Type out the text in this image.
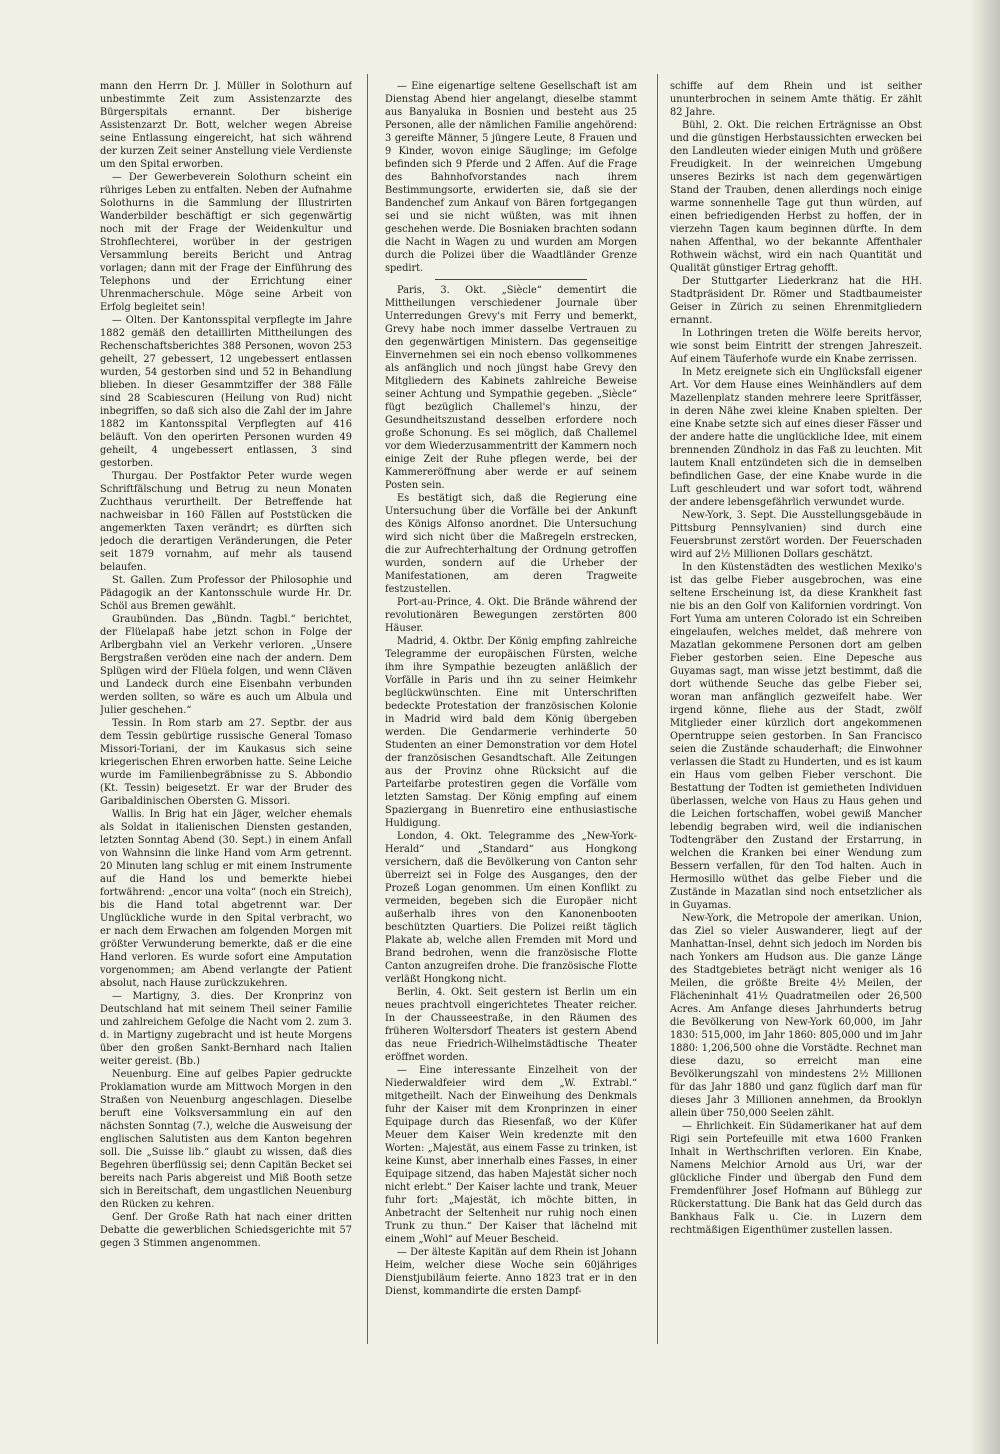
mann den Herrn Dr. J. Müller in Solothurn auf unbestimmte Zeit zum Assistenzarzte des Bürgerspitals ernannt. Der bisherige Assistenzarzt Dr. Bott, welcher wegen Abreise seine Entlassung eingereicht, hat sich während der kurzen Zeit seiner Anstellung viele Verdienste um den Spital erworben.

— Der Gewerbeverein Solothurn scheint ein rühriges Leben zu entfalten. Neben der Aufnahme Solothurns in die Sammlung der Illustrirten Wanderbilder beschäftigt er sich gegenwärtig noch mit der Frage der Weidenkultur und Strohflechterei, worüber in der gestrigen Versammlung bereits Bericht und Antrag vorlagen; dann mit der Frage der Einführung des Telephons und der Errichtung einer Uhrenmacherschule. Möge seine Arbeit von Erfolg begleitet sein!

— Olten. Der Kantonsspital verpflegte im Jahre 1882 gemäß den detaillirten Mittheilungen des Rechenschaftsberichtes 388 Personen, wovon 253 geheilt, 27 gebessert, 12 ungebessert entlassen wurden, 54 gestorben sind und 52 in Behandlung blieben. In dieser Gesammtziffer der 388 Fälle sind 28 Scabiescuren (Heilung von Rud) nicht inbegriffen, so daß sich also die Zahl der im Jahre 1882 im Kantonsspital Verpflegten auf 416 beläuft. Von den operirten Personen wurden 49 geheilt, 4 ungebessert entlassen, 3 sind gestorben.

Thurgau. Der Postfaktor Peter wurde wegen Schriftfälschung und Betrug zu neun Monaten Zuchthaus verurtheilt. Der Betreffende hat nachweisbar in 160 Fällen auf Poststücken die angemerkten Taxen verändrt; es dürften sich jedoch die derartigen Veränderungen, die Peter seit 1879 vornahm, auf mehr als tausend belaufen.

St. Gallen. Zum Professor der Philosophie und Pädagogik an der Kantonsschule wurde Hr. Dr. Schöl aus Bremen gewählt.

Graubünden. Das „Bündn. Tagbl.“ berichtet, der Flüelapaß habe jetzt schon in Folge der Arlbergbahn viel an Verkehr verloren. „Unsere Bergstraßen veröden eine nach der andern. Dem Splügen wird der Flüela folgen, und wenn Cläven und Landeck durch eine Eisenbahn verbunden werden sollten, so wäre es auch um Albula und Julier geschehen.“

Tessin. In Rom starb am 27. Septbr. der aus dem Tessin gebürtige russische General Tomaso Missori-Toriani, der im Kaukasus sich seine kriegerischen Ehren erworben hatte. Seine Leiche wurde im Familienbegräbnisse zu S. Abbondio (Kt. Tessin) beigesetzt. Er war der Bruder des Garibaldinischen Obersten G. Missori.

Wallis. In Brig hat ein Jäger, welcher ehemals als Soldat in italienischen Diensten gestanden, letzten Sonntag Abend (30. Sept.) in einem Anfall von Wahnsinn die linke Hand vom Arm getrennt. 20 Minuten lang schlug er mit einem Instrumente auf die Hand los und bemerkte hiebei fortwährend: „encor una volta“ (noch ein Streich), bis die Hand total abgetrennt war. Der Unglückliche wurde in den Spital verbracht, wo er nach dem Erwachen am folgenden Morgen mit größter Verwunderung bemerkte, daß er die eine Hand verloren. Es wurde sofort eine Amputation vorgenommen; am Abend verlangte der Patient absolut, nach Hause zurückzukehren.

— Martigny, 3. dies. Der Kronprinz von Deutschland hat mit seinem Theil seiner Familie und zahlreichem Gefolge die Nacht vom 2. zum 3. d. in Martigny zugebracht und ist heute Morgens über den großen Sankt-Bernhard nach Italien weiter gereist. (Bb.)

Neuenburg. Eine auf gelbes Papier gedruckte Proklamation wurde am Mittwoch Morgen in den Straßen von Neuenburg angeschlagen. Dieselbe beruft eine Volksversammlung ein auf den nächsten Sonntag (7.), welche die Ausweisung der englischen Salutisten aus dem Kanton begehren soll. Die „Suisse lib.“ glaubt zu wissen, daß dies Begehren überflüssig sei; denn Capitän Becket sei bereits nach Paris abgereist und Miß Booth setze sich in Bereitschaft, dem ungastlichen Neuenburg den Rücken zu kehren.

Genf. Der Große Rath hat nach einer dritten Debatte die gewerblichen Schiedsgerichte mit 57 gegen 3 Stimmen angenommen.

— Eine eigenartige seltene Gesellschaft ist am Dienstag Abend hier angelangt, dieselbe stammt aus Banyaluka in Bosnien und besteht aus 25 Personen, alle der nämlichen Familie angehörend: 3 gereifte Männer, 5 jüngere Leute, 8 Frauen und 9 Kinder, wovon einige Säuglinge; im Gefolge befinden sich 9 Pferde und 2 Affen. Auf die Frage des Bahnhofvorstandes nach ihrem Bestimmungsorte, erwiderten sie, daß sie der Bandenchef zum Ankauf von Bären fortgegangen sei und sie nicht wüßten, was mit ihnen geschehen werde. Die Bosniaken brachten sodann die Nacht in Wagen zu und wurden am Morgen durch die Polizei über die Waadtländer Grenze spedirt.

Paris, 3. Okt. „Siècle“ dementirt die Mittheilungen verschiedener Journale über Unterredungen Grevy's mit Ferry und bemerkt, Grevy habe noch immer dasselbe Vertrauen zu den gegenwärtigen Ministern. Das gegenseitige Einvernehmen sei ein noch ebenso vollkommenes als anfänglich und noch jüngst habe Grevy den Mitgliedern des Kabinets zahlreiche Beweise seiner Achtung und Sympathie gegeben. „Siècle“ fügt bezüglich Challemel's hinzu, der Gesundheitszustand desselben erfordere noch große Schonung. Es sei möglich, daß Challemel vor dem Wiederzusammentritt der Kammern noch einige Zeit der Ruhe pflegen werde, bei der Kammereröffnung aber werde er auf seinem Posten sein.

Es bestätigt sich, daß die Regierung eine Untersuchung über die Vorfälle bei der Ankunft des Königs Alfonso anordnet. Die Untersuchung wird sich nicht über die Maßregeln erstrecken, die zur Aufrechterhaltung der Ordnung getroffen wurden, sondern auf die Urheber der Manifestationen, am deren Tragweite festzustellen.

Port-au-Prince, 4. Okt. Die Brände während der revolutionären Bewegungen zerstörten 800 Häuser.

Madrid, 4. Oktbr. Der König empfing zahlreiche Telegramme der europäischen Fürsten, welche ihm ihre Sympathie bezeugten anläßlich der Vorfälle in Paris und ihn zu seiner Heimkehr beglückwünschten. Eine mit Unterschriften bedeckte Protestation der französischen Kolonie in Madrid wird bald dem König übergeben werden. Die Gendarmerie verhinderte 50 Studenten an einer Demonstration vor dem Hotel der französischen Gesandtschaft. Alle Zeitungen aus der Provinz ohne Rücksicht auf die Parteifarbe protestiren gegen die Vorfälle vom letzten Samstag. Der König empfing auf einem Spaziergang in Buenretiro eine enthusiastische Huldigung.

London, 4. Okt. Telegramme des „New-York-Herald“ und „Standard“ aus Hongkong versichern, daß die Bevölkerung von Canton sehr überreizt sei in Folge des Ausganges, den der Prozeß Logan genommen. Um einen Konflikt zu vermeiden, begeben sich die Europäer nicht außerhalb ihres von den Kanonenbooten beschützten Quartiers. Die Polizei reißt täglich Plakate ab, welche allen Fremden mit Mord und Brand bedrohen, wenn die französische Flotte Canton anzugreifen drohe. Die französische Flotte verläßt Hongkong nicht.

Berlin, 4. Okt. Seit gestern ist Berlin um ein neues prachtvoll eingerichtetes Theater reicher. In der Chausseestraße, in den Räumen des früheren Woltersdorf Theaters ist gestern Abend das neue Friedrich-Wilhelmstädtische Theater eröffnet worden.

— Eine interessante Einzelheit von der Niederwaldfeier wird dem „W. Extrabl.“ mitgetheilt. Nach der Einweihung des Denkmals fuhr der Kaiser mit dem Kronprinzen in einer Equipage durch das Riesenfaß, wo der Küfer Meuer dem Kaiser Wein kredenzte mit den Worten: „Majestät, aus einem Fasse zu trinken, ist keine Kunst, aber innerhalb eines Fasses, in einer Equipage sitzend, das haben Majestät sicher noch nicht erlebt.“ Der Kaiser lachte und trank, Meuer fuhr fort: „Majestät, ich möchte bitten, in Anbetracht der Seltenheit nur ruhig noch einen Trunk zu thun.“ Der Kaiser that lächelnd mit einem „Wohl“ auf Meuer Bescheid.

— Der älteste Kapitän auf dem Rhein ist Johann Heim, welcher diese Woche sein 60jähriges Dienstjubiläum feierte. Anno 1823 trat er in den Dienst, kommandirte die ersten Dampf-

schiffe auf dem Rhein und ist seither ununterbrochen in seinem Amte thätig. Er zählt 82 Jahre.

Bühl, 2. Okt. Die reichen Erträgnisse an Obst und die günstigen Herbstaussichten erwecken bei den Landleuten wieder einigen Muth und größere Freudigkeit. In der weinreichen Umgebung unseres Bezirks ist nach dem gegenwärtigen Stand der Trauben, denen allerdings noch einige warme sonnenhelle Tage gut thun würden, auf einen befriedigenden Herbst zu hoffen, der in vierzehn Tagen kaum beginnen dürfte. In dem nahen Affenthal, wo der bekannte Affenthaler Rothwein wächst, wird ein nach Quantität und Qualität günstiger Ertrag gehofft.

Der Stuttgarter Liederkranz hat die HH. Stadtpräsident Dr. Römer und Stadtbaumeister Geiser in Zürich zu seinen Ehrenmitgliedern ernannt.

In Lothringen treten die Wölfe bereits hervor, wie sonst beim Eintritt der strengen Jahreszeit. Auf einem Täuferhofe wurde ein Knabe zerrissen.

In Metz ereignete sich ein Unglücksfall eigener Art. Vor dem Hause eines Weinhändlers auf dem Mazellenplatz standen mehrere leere Spritfässer, in deren Nähe zwei kleine Knaben spielten. Der eine Knabe setzte sich auf eines dieser Fässer und der andere hatte die unglückliche Idee, mit einem brennenden Zündholz in das Faß zu leuchten. Mit lautem Knall entzündeten sich die in demselben befindlichen Gase, der eine Knabe wurde in die Luft geschleudert und war sofort todt, während der andere lebensgefährlich verwundet wurde.

New-York, 3. Sept. Die Ausstellungsgebäude in Pittsburg Pennsylvanien) sind durch eine Feuersbrunst zerstört worden. Der Feuerschaden wird auf 2½ Millionen Dollars geschätzt.

In den Küstenstädten des westlichen Mexiko's ist das gelbe Fieber ausgebrochen, was eine seltene Erscheinung ist, da diese Krankheit fast nie bis an den Golf von Kalifornien vordringt. Von Fort Yuma am unteren Colorado ist ein Schreiben eingelaufen, welches meldet, daß mehrere von Mazatlan gekommene Personen dort am gelben Fieber gestorben seien. Eine Depesche aus Guyamas sagt, man wisse jetzt bestimmt, daß die dort wüthende Seuche das gelbe Fieber sei, woran man anfänglich gezweifelt habe. Wer irgend könne, fliehe aus der Stadt, zwölf Mitglieder einer kürzlich dort angekommenen Operntruppe seien gestorben. In San Francisco seien die Zustände schauderhaft; die Einwohner verlassen die Stadt zu Hunderten, und es ist kaum ein Haus vom gelben Fieber verschont. Die Bestattung der Todten ist gemietheten Individuen überlassen, welche von Haus zu Haus gehen und die Leichen fortschaffen, wobei gewiß Mancher lebendig begraben wird, weil die indianischen Todtengräber den Zustand der Erstarrung, in welchen die Kranken bei einer Wendung zum Bessern verfallen, für den Tod halten. Auch in Hermosillo wüthet das gelbe Fieber und die Zustände in Mazatlan sind noch entsetzlicher als in Guyamas.

New-York, die Metropole der amerikan. Union, das Ziel so vieler Auswanderer, liegt auf der Manhattan-Insel, dehnt sich jedoch im Norden bis nach Yonkers am Hudson aus. Die ganze Länge des Stadtgebietes beträgt nicht weniger als 16 Meilen, die größte Breite 4½ Meilen, der Flächeninhalt 41½ Quadratmeilen oder 26,500 Acres. Am Anfange dieses Jahrhunderts betrug die Bevölkerung von New-York 60,000, im Jahr 1830: 515,000, im Jahr 1860: 805,000 und im Jahr 1880: 1,206,500 ohne die Vorstädte. Rechnet man diese dazu, so erreicht man eine Bevölkerungszahl von mindestens 2½ Millionen für das Jahr 1880 und ganz füglich darf man für dieses Jahr 3 Millionen annehmen, da Brooklyn allein über 750,000 Seelen zählt.

— Ehrlichkeit. Ein Südamerikaner hat auf dem Rigi sein Portefeuille mit etwa 1600 Franken Inhalt in Werthschriften verloren. Ein Knabe, Namens Melchior Arnold aus Uri, war der glückliche Finder und übergab den Fund dem Fremdenführer Josef Hofmann auf Bühlegg zur Rückerstattung. Die Bank hat das Geld durch das Bankhaus Falk u. Cie. in Luzern dem rechtmäßigen Eigenthümer zustellen lassen.
